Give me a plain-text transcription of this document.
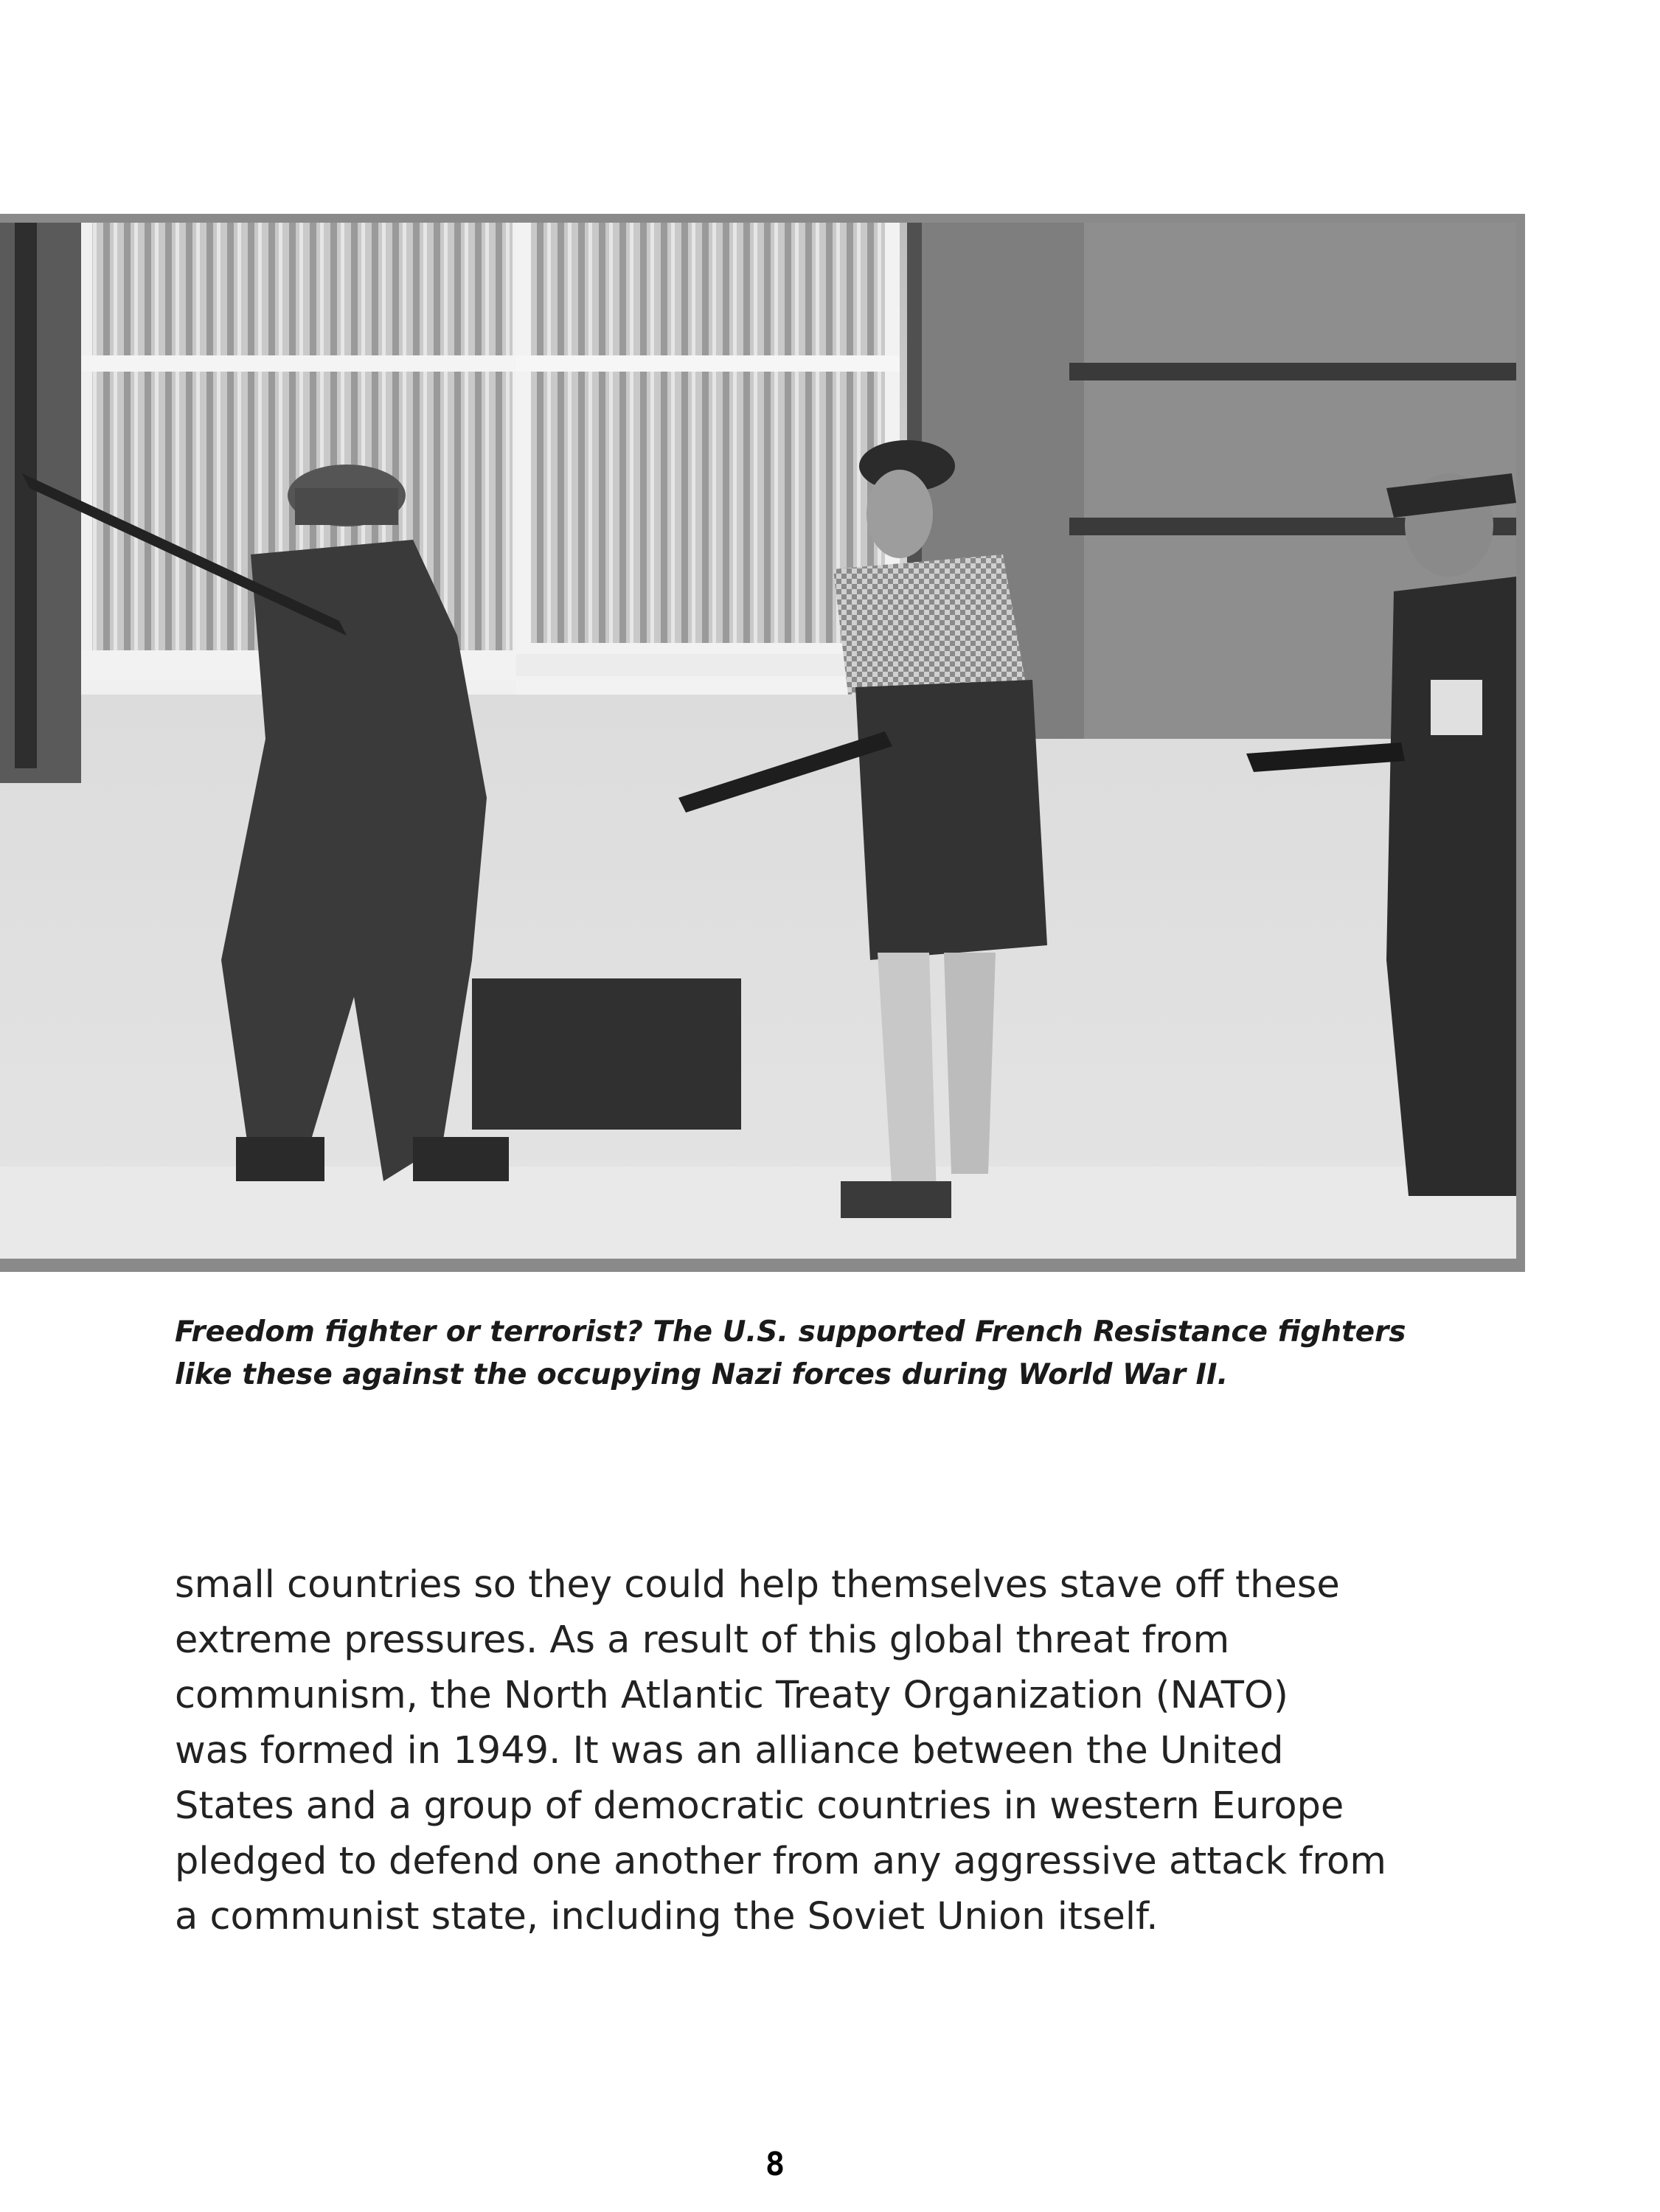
Freedom fighter or terrorist? The U.S. supported French Resistance fighters
like these against the occupying Nazi forces during World War II.

small countries so they could help themselves stave off these
extreme pressures. As a result of this global threat from
communism, the North Atlantic Treaty Organization (NATO)
was formed in 1949. It was an alliance between the United
States and a group of democratic countries in western Europe
pledged to defend one another from any aggressive attack from
a communist state, including the Soviet Union itself.

8
